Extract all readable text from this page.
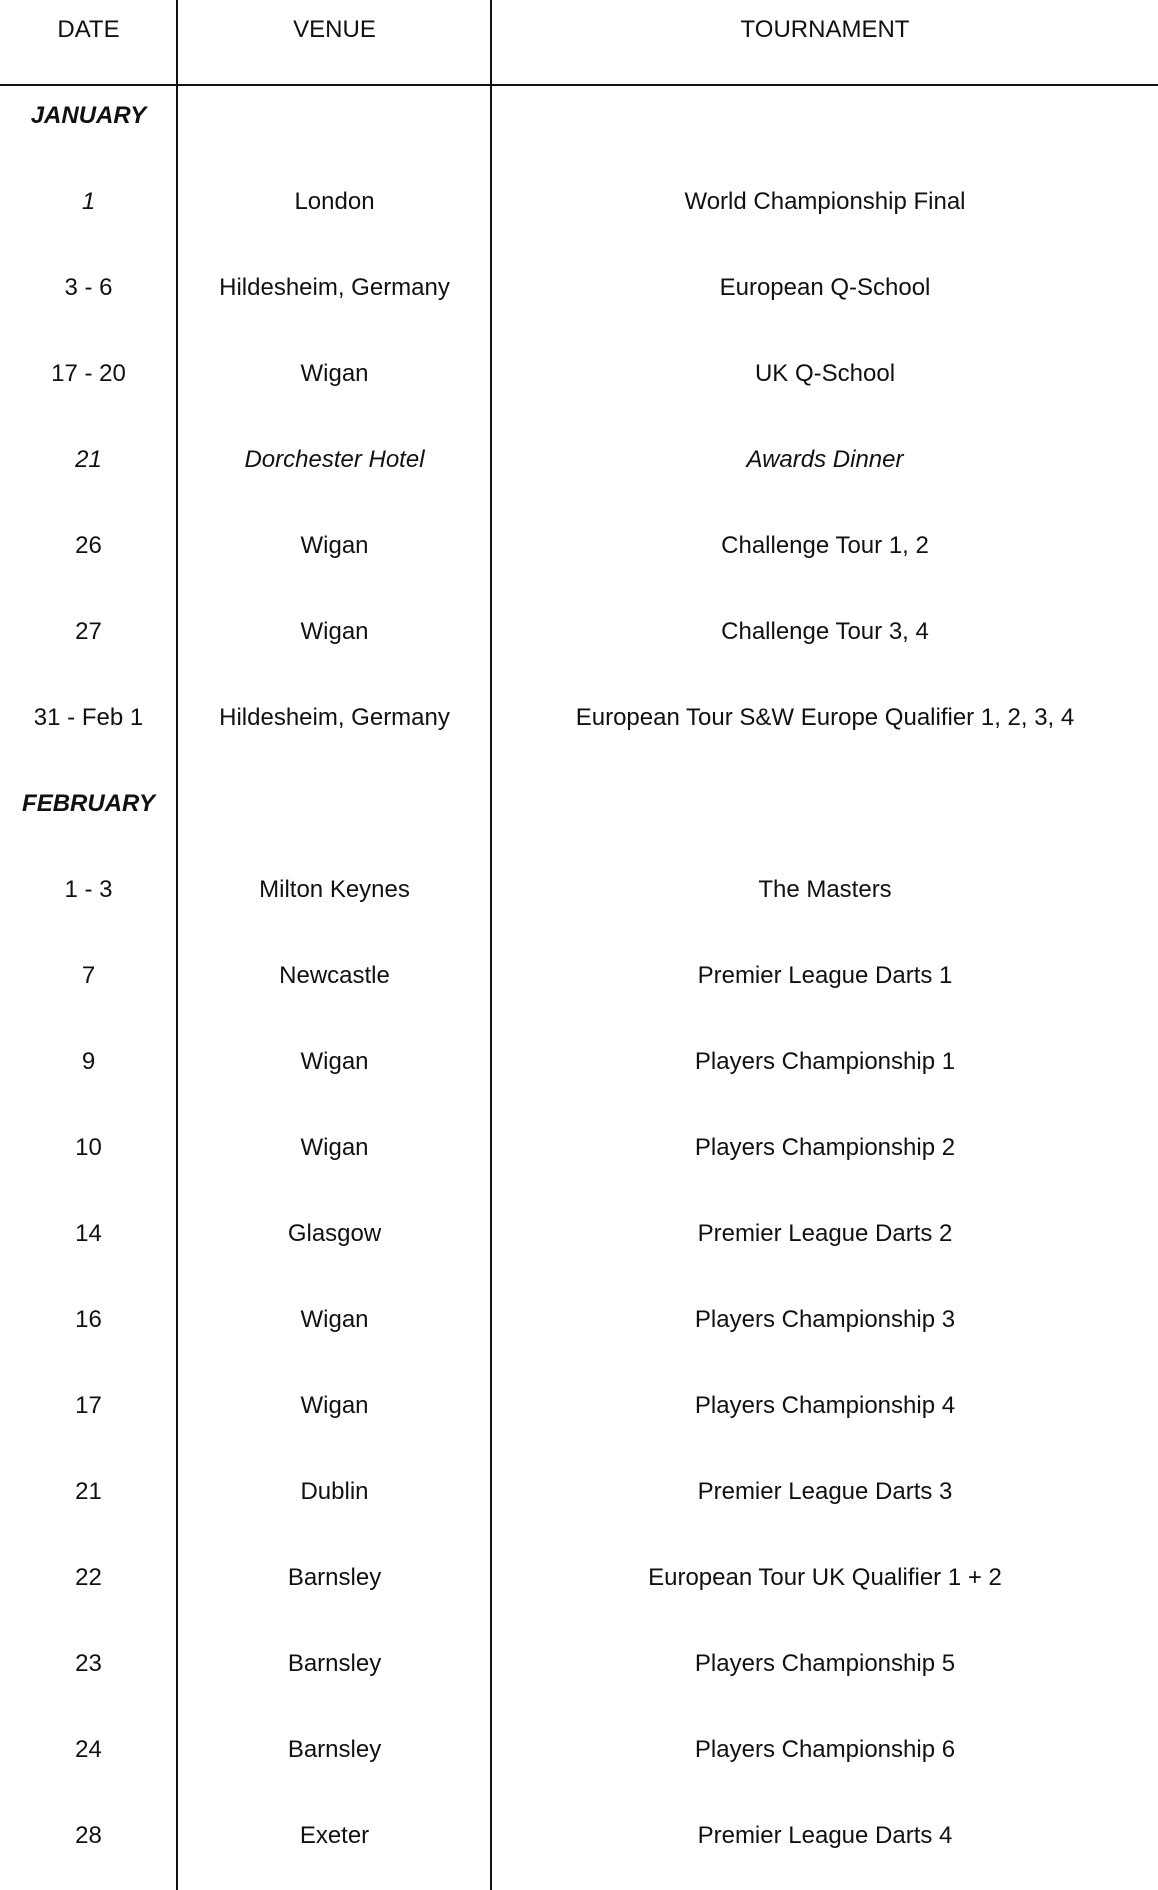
DATE	VENUE	TOURNAMENT
JANUARY
1	London	World Championship Final
3 - 6	Hildesheim, Germany	European Q-School
17 - 20	Wigan	UK Q-School
21	Dorchester Hotel	Awards Dinner
26	Wigan	Challenge Tour 1, 2
27	Wigan	Challenge Tour 3, 4
31 - Feb 1	Hildesheim, Germany	European Tour S&W Europe Qualifier 1, 2, 3, 4
FEBRUARY
1 - 3	Milton Keynes	The Masters
7	Newcastle	Premier League Darts 1
9	Wigan	Players Championship 1
10	Wigan	Players Championship 2
14	Glasgow	Premier League Darts 2
16	Wigan	Players Championship 3
17	Wigan	Players Championship 4
21	Dublin	Premier League Darts 3
22	Barnsley	European Tour UK Qualifier 1 + 2
23	Barnsley	Players Championship 5
24	Barnsley	Players Championship 6
28	Exeter	Premier League Darts 4
